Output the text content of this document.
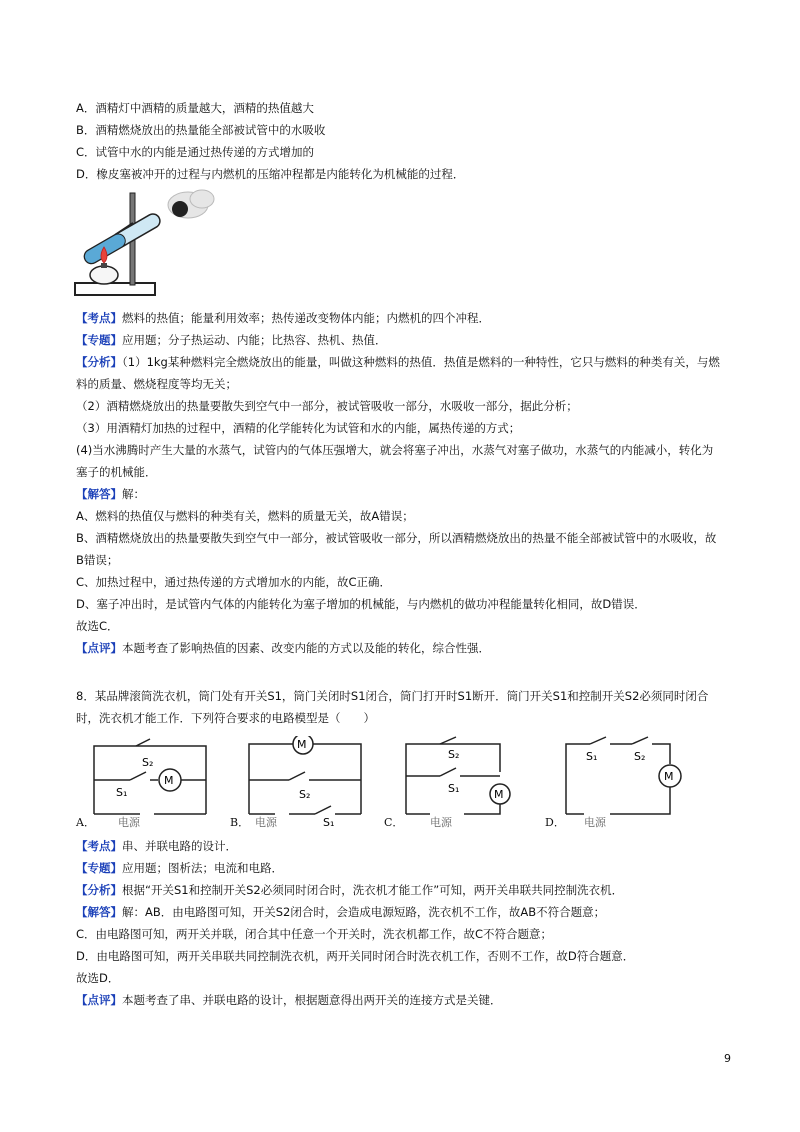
A．酒精灯中酒精的质量越大，酒精的热值越大
B．酒精燃烧放出的热量能全部被试管中的水吸收
C．试管中水的内能是通过热传递的方式增加的
D．橡皮塞被冲开的过程与内燃机的压缩冲程都是内能转化为机械能的过程．
【考点】燃料的热值；能量利用效率；热传递改变物体内能；内燃机的四个冲程．
【专题】应用题；分子热运动、内能；比热容、热机、热值．
【分析】（1）1kg某种燃料完全燃烧放出的能量，叫做这种燃料的热值．热值是燃料的一种特性，它只与燃料的种类有关，与燃
料的质量、燃烧程度等均无关；
（2）酒精燃烧放出的热量要散失到空气中一部分，被试管吸收一部分，水吸收一部分，据此分析；
（3）用酒精灯加热的过程中，酒精的化学能转化为试管和水的内能，属热传递的方式；
(4)当水沸腾时产生大量的水蒸气，试管内的气体压强增大，就会将塞子冲出，水蒸气对塞子做功，水蒸气的内能减小，转化为
塞子的机械能．
【解答】解：
A、燃料的热值仅与燃料的种类有关，燃料的质量无关，故A错误；
B、酒精燃烧放出的热量要散失到空气中一部分，被试管吸收一部分，所以酒精燃烧放出的热量不能全部被试管中的水吸收，故
B错误；
C、加热过程中，通过热传递的方式增加水的内能，故C正确．
D、塞子冲出时，是试管内气体的内能转化为塞子增加的机械能，与内燃机的做功冲程能量转化相同，故D错误．
故选C．
【点评】本题考查了影响热值的因素、改变内能的方式以及能的转化，综合性强．
8．某品牌滚筒洗衣机，筒门处有开关S1，筒门关闭时S1闭合，筒门打开时S1断开．筒门开关S1和控制开关S2必须同时闭合
时，洗衣机才能工作．下列符合要求的电路模型是（　　）
M
S₂
S₁
电源
A．
M
S₂
S₁
电源
B．
M
S₂
S₁
电源
C．
M
S₁	S₂
电源
D．
【考点】串、并联电路的设计．
【专题】应用题；图析法；电流和电路．
【分析】根据“开关S1和控制开关S2必须同时闭合时，洗衣机才能工作”可知，两开关串联共同控制洗衣机．
【解答】解：AB．由电路图可知，开关S2闭合时，会造成电源短路，洗衣机不工作，故AB不符合题意；
C．由电路图可知，两开关并联，闭合其中任意一个开关时，洗衣机都工作，故C不符合题意；
D．由电路图可知，两开关串联共同控制洗衣机，两开关同时闭合时洗衣机工作，否则不工作，故D符合题意．
故选D．
【点评】本题考查了串、并联电路的设计，根据题意得出两开关的连接方式是关键．
9
